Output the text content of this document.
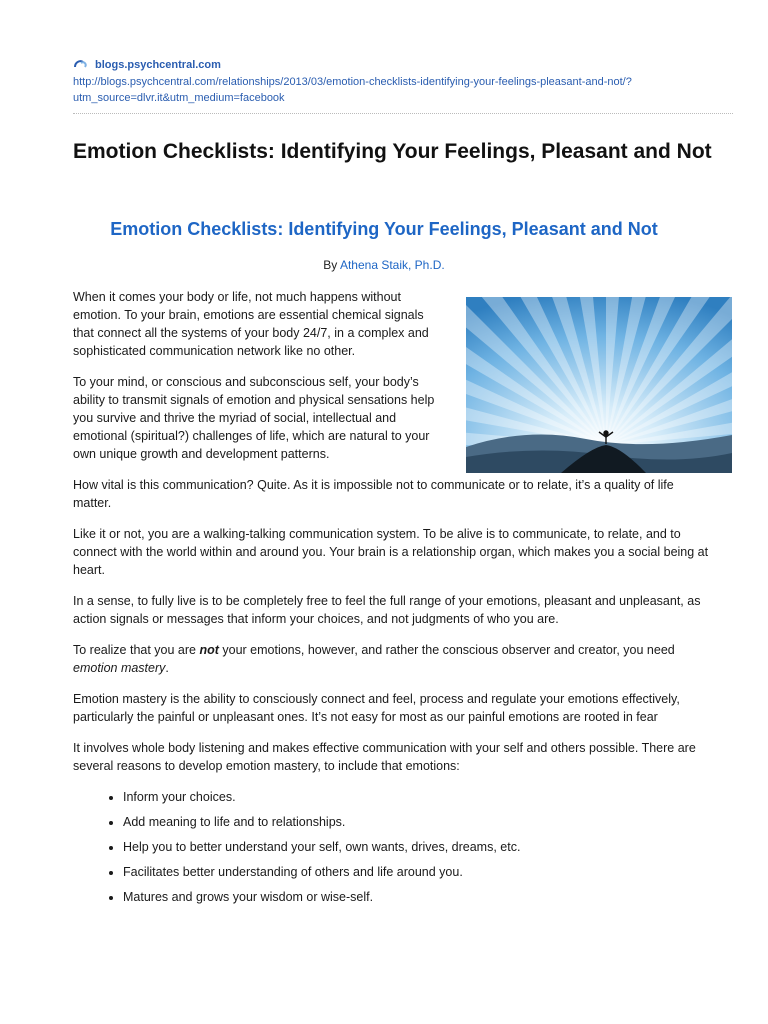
blogs.psychcentral.com
http://blogs.psychcentral.com/relationships/2013/03/emotion-checklists-identifying-your-feelings-pleasant-and-not/?utm_source=dlvr.it&utm_medium=facebook
Emotion Checklists: Identifying Your Feelings, Pleasant and Not
Emotion Checklists: Identifying Your Feelings, Pleasant and Not
By Athena Staik, Ph.D.

When it comes your body or life, not much happens without emotion. To your brain, emotions are essential chemical signals that connect all the systems of your body 24/7, in a complex and sophisticated communication network like no other.

To your mind, or conscious and subconscious self, your body’s ability to transmit signals of emotion and physical sensations help you survive and thrive the myriad of social, intellectual and emotional (spiritual?) challenges of life, which are natural to your own unique growth and development patterns.

How vital is this communication? Quite. As it is impossible not to communicate or to relate, it’s a quality of life matter.

Like it or not, you are a walking-talking communication system. To be alive is to communicate, to relate, and to connect with the world within and around you. Your brain is a relationship organ, which makes you a social being at heart.

In a sense, to fully live is to be completely free to feel the full range of your emotions, pleasant and unpleasant, as action signals or messages that inform your choices, and not judgments of who you are.

To realize that you are not your emotions, however, and rather the conscious observer and creator, you need emotion mastery.

Emotion mastery is the ability to consciously connect and feel, process and regulate your emotions effectively, particularly the painful or unpleasant ones. It’s not easy for most as our painful emotions are rooted in fear

It involves whole body listening and makes effective communication with your self and others possible. There are several reasons to develop emotion mastery, to include that emotions:

• Inform your choices.
• Add meaning to life and to relationships.
• Help you to better understand your self, own wants, drives, dreams, etc.
• Facilitates better understanding of others and life around you.
• Matures and grows your wisdom or wise-self.
